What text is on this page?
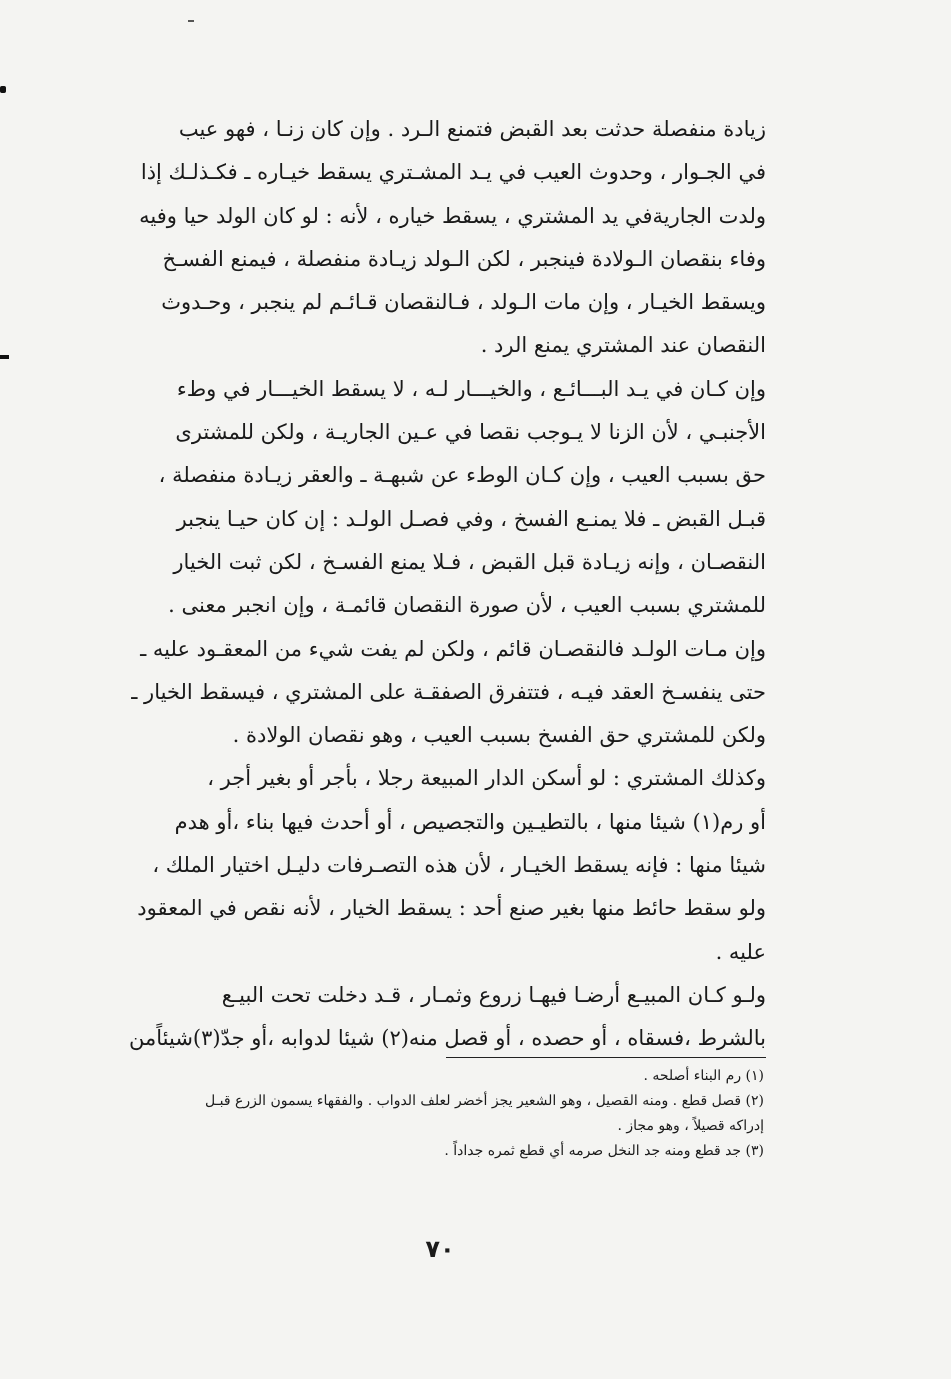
زيادة منفصلة حدثت بعد القبض فتمنع الـرد . وإن كان زنـا ، فهو عيب
في الجـوار ، وحدوث العيب في يـد المشـتري يسقط خيـاره ـ فكـذلـك إذا
ولدت الجاريةفي يد المشتري ، يسقط خياره ، لأنه : لو كان الولد حيا وفيه
وفاء بنقصان الـولادة فينجبر ، لكن الـولد زيـادة منفصلة ، فيمنع الفسـخ
ويسقط الخيـار ، وإن مات الـولد ، فـالنقصان قـائـم لم ينجبر ، وحـدوث
النقصان عند المشتري يمنع الرد .
وإن كـان في يـد البـــائـع ، والخيـــار لـه ، لا يسقط الخيـــار في وطء
الأجنبـي ، لأن الزنا لا يـوجب نقصا في عـين الجاريـة ، ولكن للمشترى
حق بسبب العيب ، وإن كـان الوطء عن شبهـة ـ والعقر زيـادة منفصلة ،
قبـل القبض ـ فلا يمنـع الفسخ ، وفي فصـل الولـد : إن كان حيـا ينجبر
النقصـان ، وإنه زيـادة قبل القبض ، فـلا يمنع الفسـخ ، لكن ثبت الخيار
للمشتري بسبب العيب ، لأن صورة النقصان قائمـة ، وإن انجبر معنى .
وإن مـات الولـد فالنقصـان قائم ، ولكن لم يفت شيء من المعقـود عليه ـ
حتى ينفسـخ العقد فيـه ، فتتفرق الصفقـة على المشتري ، فيسقط الخيار ـ
ولكن للمشتري حق الفسخ بسبب العيب ، وهو نقصان الولادة .
وكذلك المشتري : لو أسكن الدار المبيعة رجلا ، بأجر أو بغير أجر ،
أو رم(١) شيئا منها ، بالتطيـين والتجصيص ، أو أحدث فيها بناء ،أو هدم
شيئا منها : فإنه يسقط الخيـار ، لأن هذه التصـرفات دليـل اختيار الملك ،
ولو سقط حائط منها بغير صنع أحد : يسقط الخيار ، لأنه نقص في المعقود
عليه .
ولـو كـان المبيـع أرضـا فيهـا زروع وثمـار ، قـد دخلت تحت البيـع
بالشرط ،فسقاه ، أو حصده ، أو قصل منه(٢) شيئا لدوابه ،أو جدّ(٣)شيئاًمن
(١) رم البناء أصلحه .
(٢) قصل قطع . ومنه القصيل ، وهو الشعير يجز أخضر لعلف الدواب . والفقهاء يسمون الزرع قبـل
إدراكه قصيلاً ، وهو مجاز .
(٣) جد قطع ومنه جد النخل صرمه أي قطع ثمره جداداً .
٧٠
